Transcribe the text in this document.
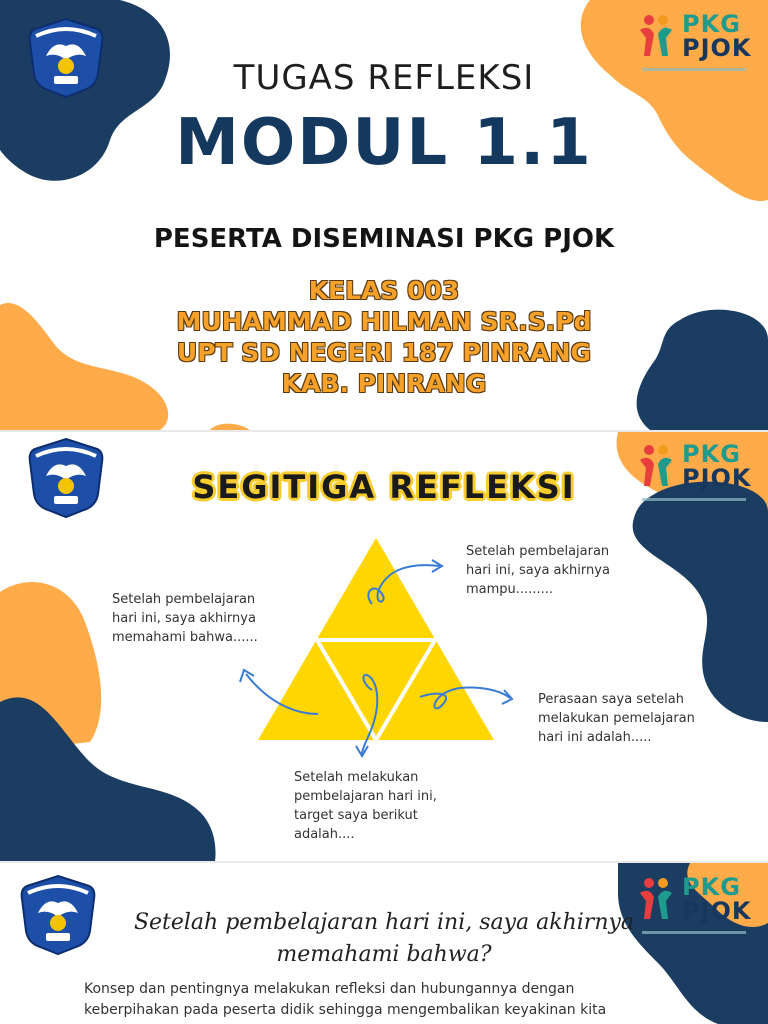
PKG
PJOK
TUGAS REFLEKSI
MODUL 1.1
PESERTA DISEMINASI PKG PJOK
KELAS 003
MUHAMMAD HILMAN SR.S.Pd
UPT SD NEGERI 187 PINRANG
KAB. PINRANG
PKG
PJOK
SEGITIGA REFLEKSI
Setelah pembelajaran
hari ini, saya akhirnya
memahami bahwa......
Setelah pembelajaran
hari ini, saya akhirnya
mampu.........
Perasaan saya setelah
melakukan pemelajaran
hari ini adalah.....
Setelah melakukan
pembelajaran hari ini,
target saya berikut
adalah....
PKG
PJOK
Setelah pembelajaran hari ini, saya akhirnya
memahami bahwa?
Konsep dan pentingnya melakukan refleksi dan hubungannya dengan
keberpihakan pada peserta didik sehingga mengembalikan keyakinan kita
